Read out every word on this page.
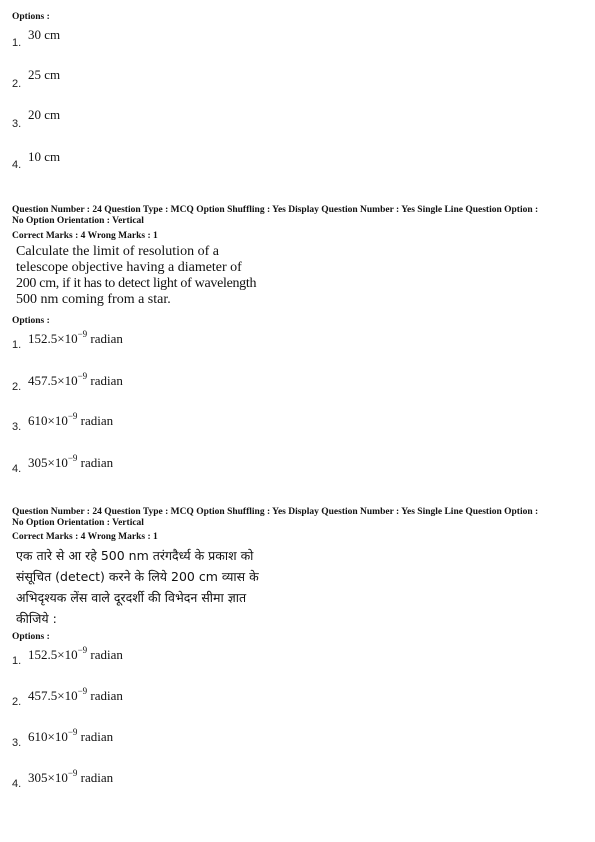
Options :
30 cm
1.
25 cm
2.
20 cm
3.
10 cm
4.
Question Number : 24 Question Type : MCQ Option Shuffling : Yes Display Question Number : Yes Single Line Question Option :
No Option Orientation : Vertical
Correct Marks : 4 Wrong Marks : 1
Calculate the limit of resolution of a
telescope objective having a diameter of
200 cm, if it has to detect light of wavelength
500 nm coming from a star.
Options :
$152.5\times 10^{-9}$ radian
1.
$457.5\times 10^{-9}$ radian
2.
$610\times 10^{-9}$ radian
3.
$305\times 10^{-9}$ radian
4.
Question Number : 24 Question Type : MCQ Option Shuffling : Yes Display Question Number : Yes Single Line Question Option :
No Option Orientation : Vertical
Correct Marks : 4 Wrong Marks : 1
एक तारे से आ रहे 500 nm तरंगदैर्ध्य के प्रकाश को
संसूचित (detect) करने के लिये 200 cm व्यास के
अभिदृश्यक लेंस वाले दूरदर्शी की विभेदन सीमा ज्ञात
कीजिये :
Options :
$152.5\times 10^{-9}$ radian
1.
$457.5\times 10^{-9}$ radian
2.
$610\times 10^{-9}$ radian
3.
$305\times 10^{-9}$ radian
4.
